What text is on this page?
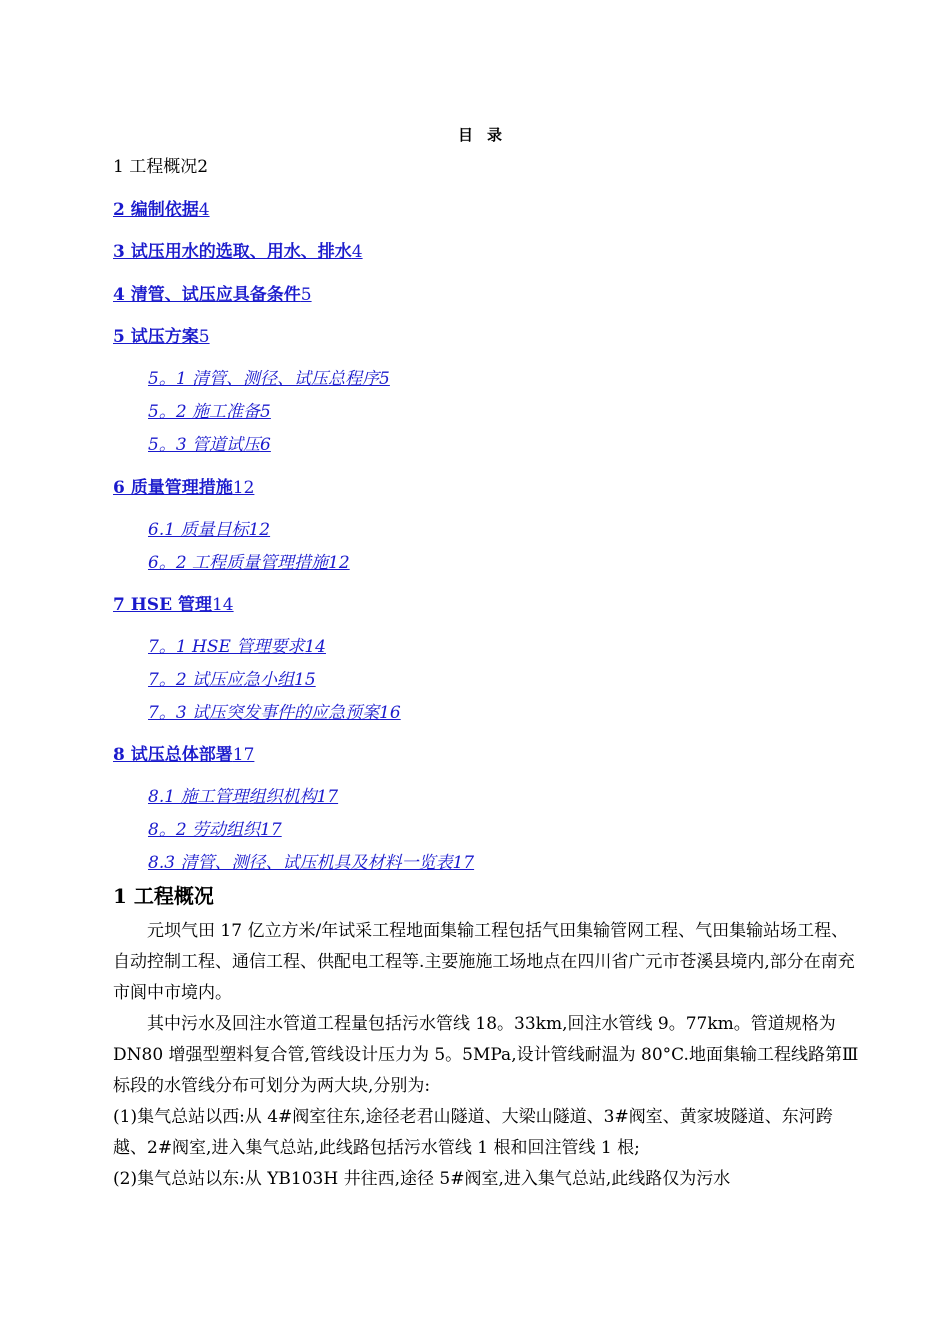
目录
1 工程概况2
2 编制依据4
3 试压用水的选取、用水、排水4
4 清管、试压应具备条件5
5 试压方案5
5。1 清管、测径、试压总程序5
5。2 施工准备5
5。3 管道试压6
6 质量管理措施12
6.1 质量目标12
6。2 工程质量管理措施12
7 HSE 管理14
7。1 HSE 管理要求14
7。2 试压应急小组15
7。3 试压突发事件的应急预案16
8 试压总体部署17
8.1 施工管理组织机构17
8。2 劳动组织17
8.3 清管、测径、试压机具及材料一览表17
1 工程概况
元坝气田 17 亿立方米/年试采工程地面集输工程包括气田集输管网工程、气田集输站场工程、自动控制工程、通信工程、供配电工程等.主要施施工场地点在四川省广元市苍溪县境内,部分在南充市阆中市境内。
其中污水及回注水管道工程量包括污水管线 18。33km,回注水管线 9。77km。管道规格为 DN80 增强型塑料复合管,管线设计压力为 5。5MPa,设计管线耐温为 80°C.地面集输工程线路第Ⅲ标段的水管线分布可划分为两大块,分别为:
(1)集气总站以西:从 4#阀室往东,途径老君山隧道、大梁山隧道、3#阀室、黄家坡隧道、东河跨越、2#阀室,进入集气总站,此线路包括污水管线 1 根和回注管线 1 根;
(2)集气总站以东:从 YB103H 井往西,途径 5#阀室,进入集气总站,此线路仅为污水
